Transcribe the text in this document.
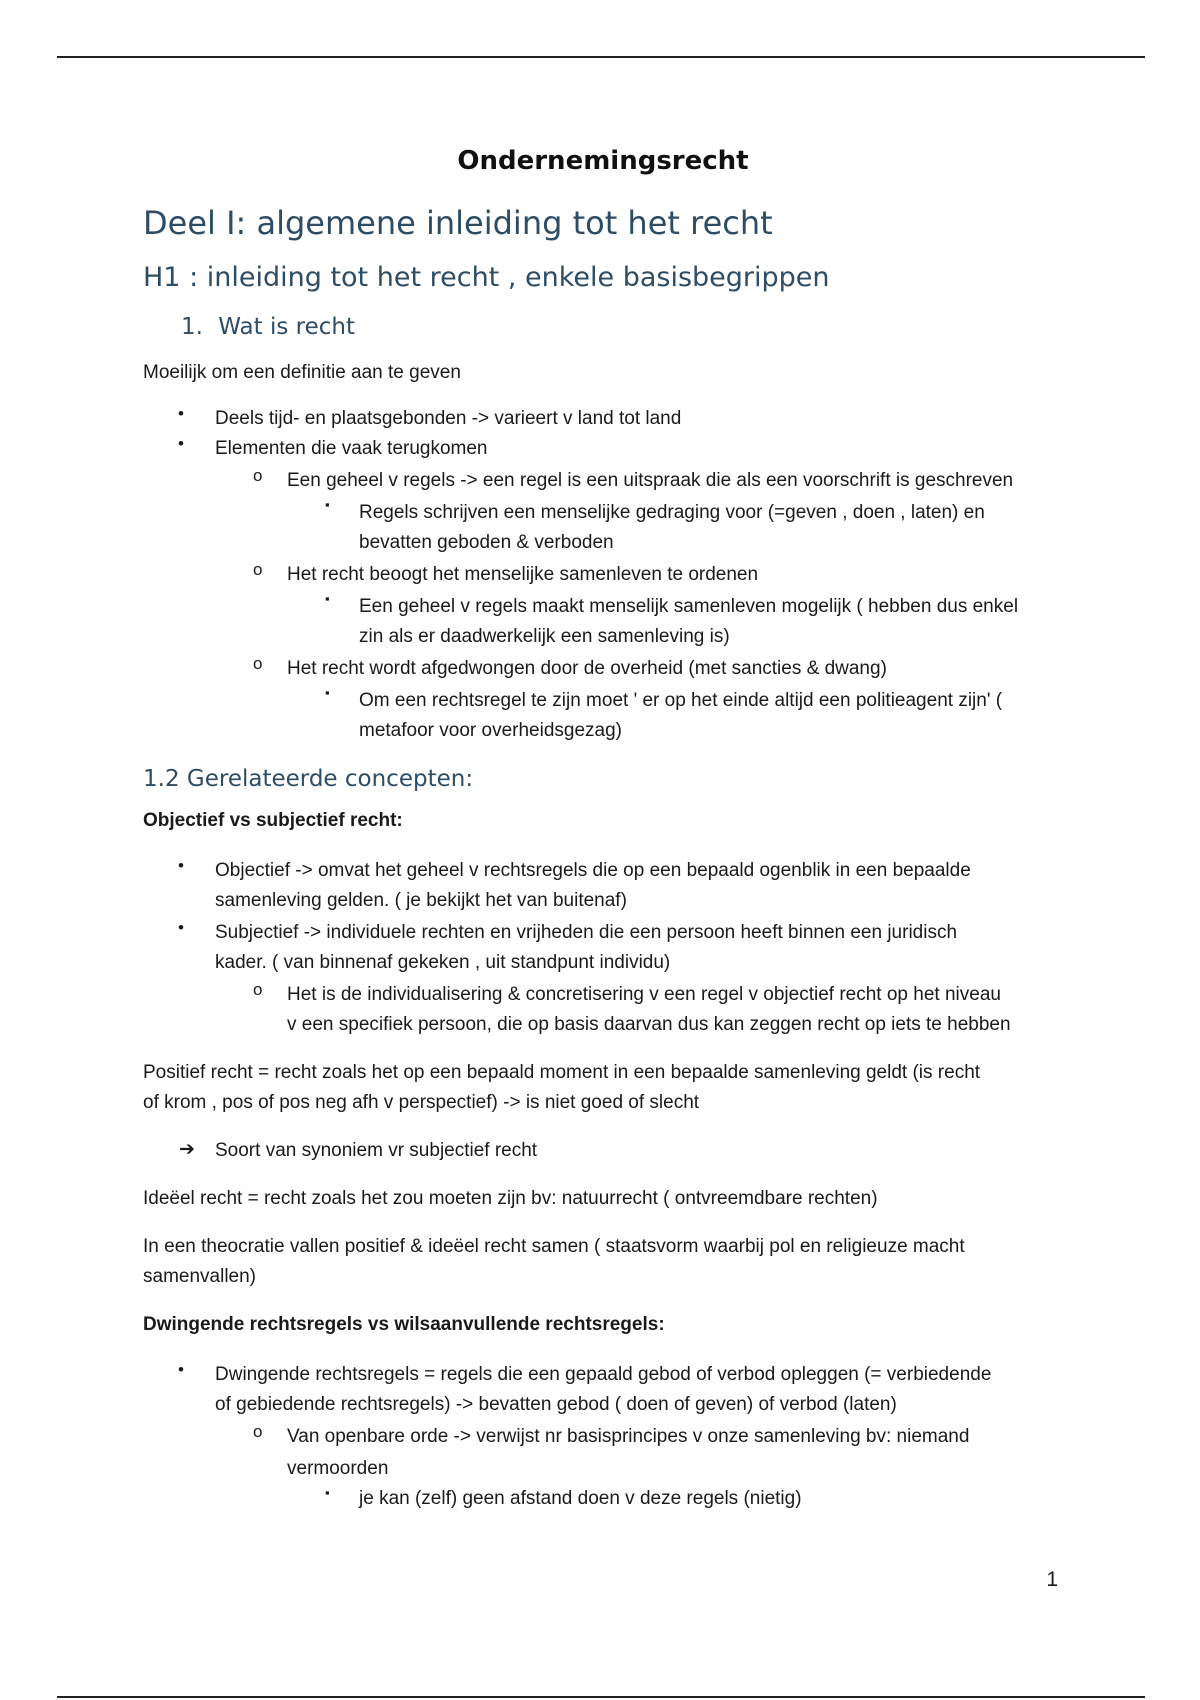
Ondernemingsrecht
Deel I: algemene inleiding tot het recht
H1 : inleiding tot het recht , enkele basisbegrippen
1. Wat is recht

Moeilijk om een definitie aan te geven

• Deels tijd- en plaatsgebonden -> varieert v land tot land

• Elementen die vaak terugkomen

o Een geheel v regels -> een regel is een uitspraak die als een voorschrift is geschreven

▪ Regels schrijven een menselijke gedraging voor (=geven , doen , laten) en

bevatten geboden & verboden

o Het recht beoogt het menselijke samenleven te ordenen

▪ Een geheel v regels maakt menselijk samenleven mogelijk ( hebben dus enkel

zin als er daadwerkelijk een samenleving is)

o Het recht wordt afgedwongen door de overheid (met sancties & dwang)

▪ Om een rechtsregel te zijn moet ' er op het einde altijd een politieagent zijn' (

metafoor voor overheidsgezag)

1.2 Gerelateerde concepten:

Objectief vs subjectief recht:

• Objectief -> omvat het geheel v rechtsregels die op een bepaald ogenblik in een bepaalde

samenleving gelden. ( je bekijkt het van buitenaf)

• Subjectief -> individuele rechten en vrijheden die een persoon heeft binnen een juridisch

kader. ( van binnenaf gekeken , uit standpunt individu)

o Het is de individualisering & concretisering v een regel v objectief recht op het niveau

v een specifiek persoon, die op basis daarvan dus kan zeggen recht op iets te hebben

Positief recht = recht zoals het op een bepaald moment in een bepaalde samenleving geldt (is recht

of krom , pos of pos neg afh v perspectief) -> is niet goed of slecht

➔ Soort van synoniem vr subjectief recht

Ideëel recht = recht zoals het zou moeten zijn bv: natuurrecht ( ontvreemdbare rechten)

In een theocratie vallen positief & ideëel recht samen ( staatsvorm waarbij pol en religieuze macht

samenvallen)

Dwingende rechtsregels vs wilsaanvullende rechtsregels:

• Dwingende rechtsregels = regels die een gepaald gebod of verbod opleggen (= verbiedende

of gebiedende rechtsregels) -> bevatten gebod ( doen of geven) of verbod (laten)

o Van openbare orde -> verwijst nr basisprincipes v onze samenleving bv: niemand

vermoorden

▪ je kan (zelf) geen afstand doen v deze regels (nietig)

1
